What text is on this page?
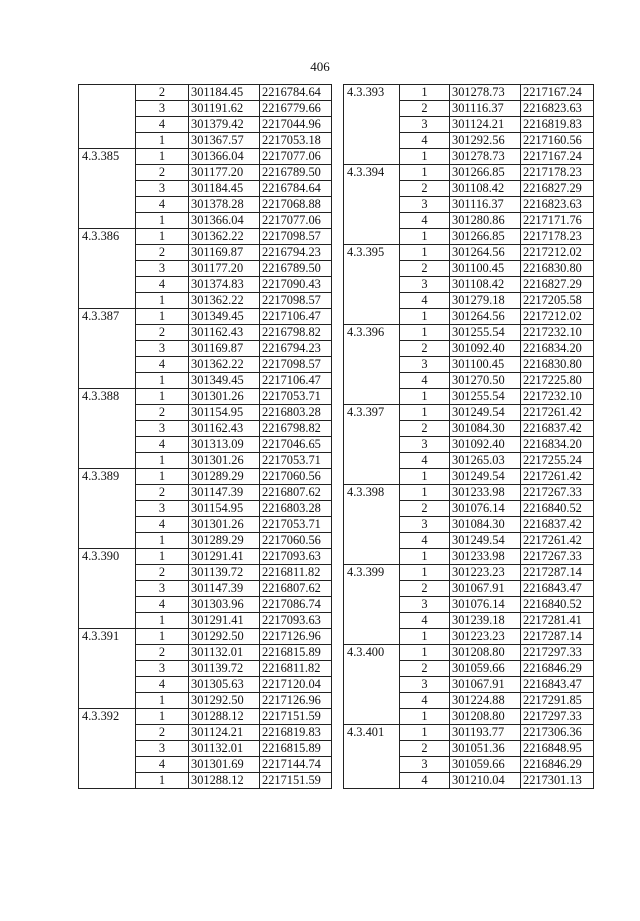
406
	2	301184.45	2216784.64
	3	301191.62	2216779.66
	4	301379.42	2217044.96
	1	301367.57	2217053.18
4.3.385	1	301366.04	2217077.06
	2	301177.20	2216789.50
	3	301184.45	2216784.64
	4	301378.28	2217068.88
	1	301366.04	2217077.06
4.3.386	1	301362.22	2217098.57
	2	301169.87	2216794.23
	3	301177.20	2216789.50
	4	301374.83	2217090.43
	1	301362.22	2217098.57
4.3.387	1	301349.45	2217106.47
	2	301162.43	2216798.82
	3	301169.87	2216794.23
	4	301362.22	2217098.57
	1	301349.45	2217106.47
4.3.388	1	301301.26	2217053.71
	2	301154.95	2216803.28
	3	301162.43	2216798.82
	4	301313.09	2217046.65
	1	301301.26	2217053.71
4.3.389	1	301289.29	2217060.56
	2	301147.39	2216807.62
	3	301154.95	2216803.28
	4	301301.26	2217053.71
	1	301289.29	2217060.56
4.3.390	1	301291.41	2217093.63
	2	301139.72	2216811.82
	3	301147.39	2216807.62
	4	301303.96	2217086.74
	1	301291.41	2217093.63
4.3.391	1	301292.50	2217126.96
	2	301132.01	2216815.89
	3	301139.72	2216811.82
	4	301305.63	2217120.04
	1	301292.50	2217126.96
4.3.392	1	301288.12	2217151.59
	2	301124.21	2216819.83
	3	301132.01	2216815.89
	4	301301.69	2217144.74
	1	301288.12	2217151.59
4.3.393	1	301278.73	2217167.24
	2	301116.37	2216823.63
	3	301124.21	2216819.83
	4	301292.56	2217160.56
	1	301278.73	2217167.24
4.3.394	1	301266.85	2217178.23
	2	301108.42	2216827.29
	3	301116.37	2216823.63
	4	301280.86	2217171.76
	1	301266.85	2217178.23
4.3.395	1	301264.56	2217212.02
	2	301100.45	2216830.80
	3	301108.42	2216827.29
	4	301279.18	2217205.58
	1	301264.56	2217212.02
4.3.396	1	301255.54	2217232.10
	2	301092.40	2216834.20
	3	301100.45	2216830.80
	4	301270.50	2217225.80
	1	301255.54	2217232.10
4.3.397	1	301249.54	2217261.42
	2	301084.30	2216837.42
	3	301092.40	2216834.20
	4	301265.03	2217255.24
	1	301249.54	2217261.42
4.3.398	1	301233.98	2217267.33
	2	301076.14	2216840.52
	3	301084.30	2216837.42
	4	301249.54	2217261.42
	1	301233.98	2217267.33
4.3.399	1	301223.23	2217287.14
	2	301067.91	2216843.47
	3	301076.14	2216840.52
	4	301239.18	2217281.41
	1	301223.23	2217287.14
4.3.400	1	301208.80	2217297.33
	2	301059.66	2216846.29
	3	301067.91	2216843.47
	4	301224.88	2217291.85
	1	301208.80	2217297.33
4.3.401	1	301193.77	2217306.36
	2	301051.36	2216848.95
	3	301059.66	2216846.29
	4	301210.04	2217301.13
